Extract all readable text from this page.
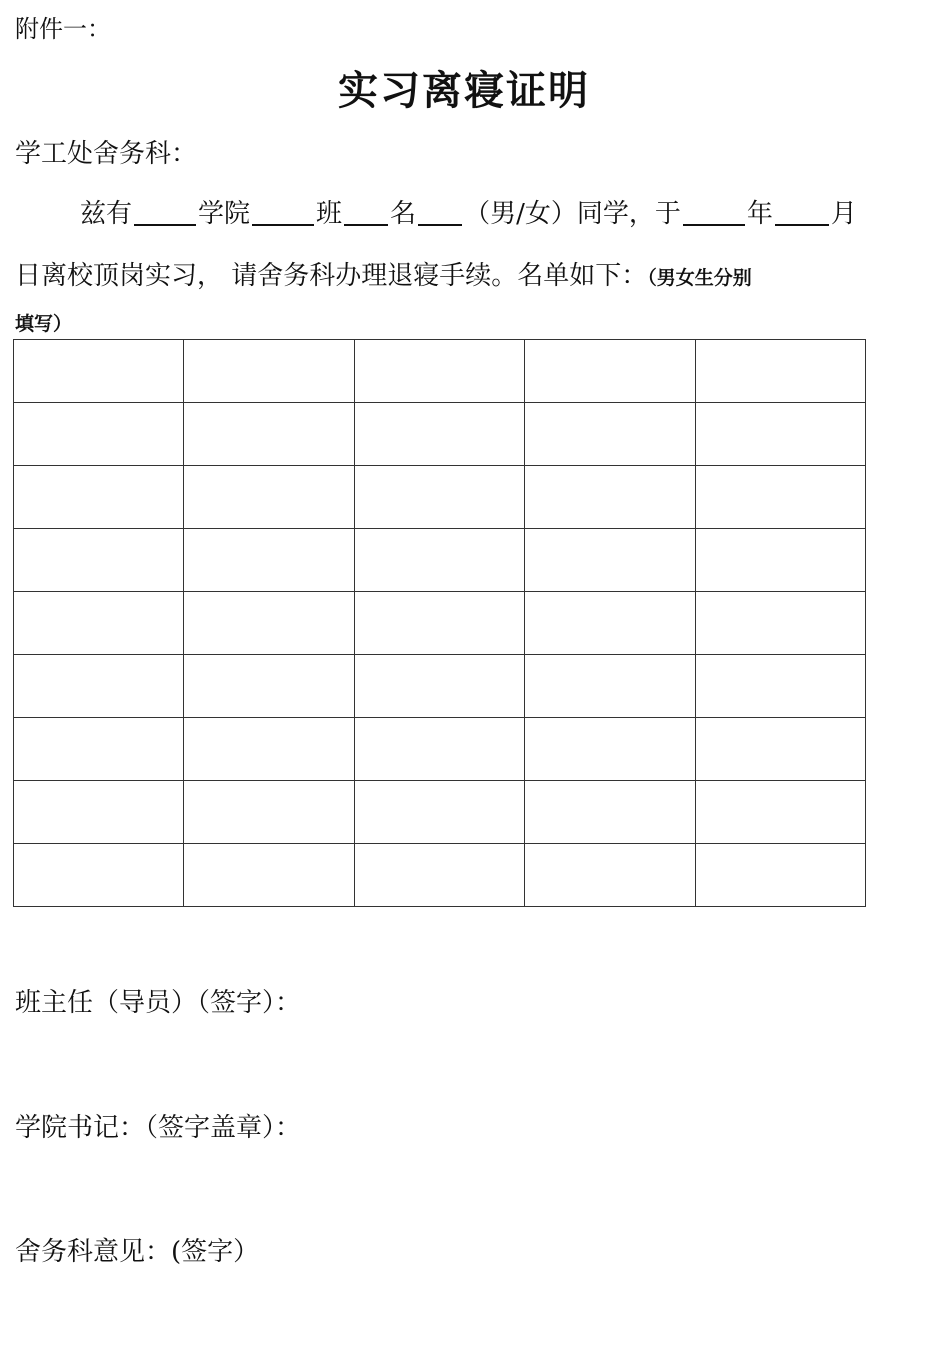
附件一：
实习离寝证明
学工处舍务科：
兹有	学院	班 名 （男/女）同学，于	年 月
日离校顶岗实习， 请舍务科办理退寝手续。名单如下：（男女生分别
填写）

班主任（导员）（签字）：
学院书记：（签字盖章）：
舍务科意见：(签字）
